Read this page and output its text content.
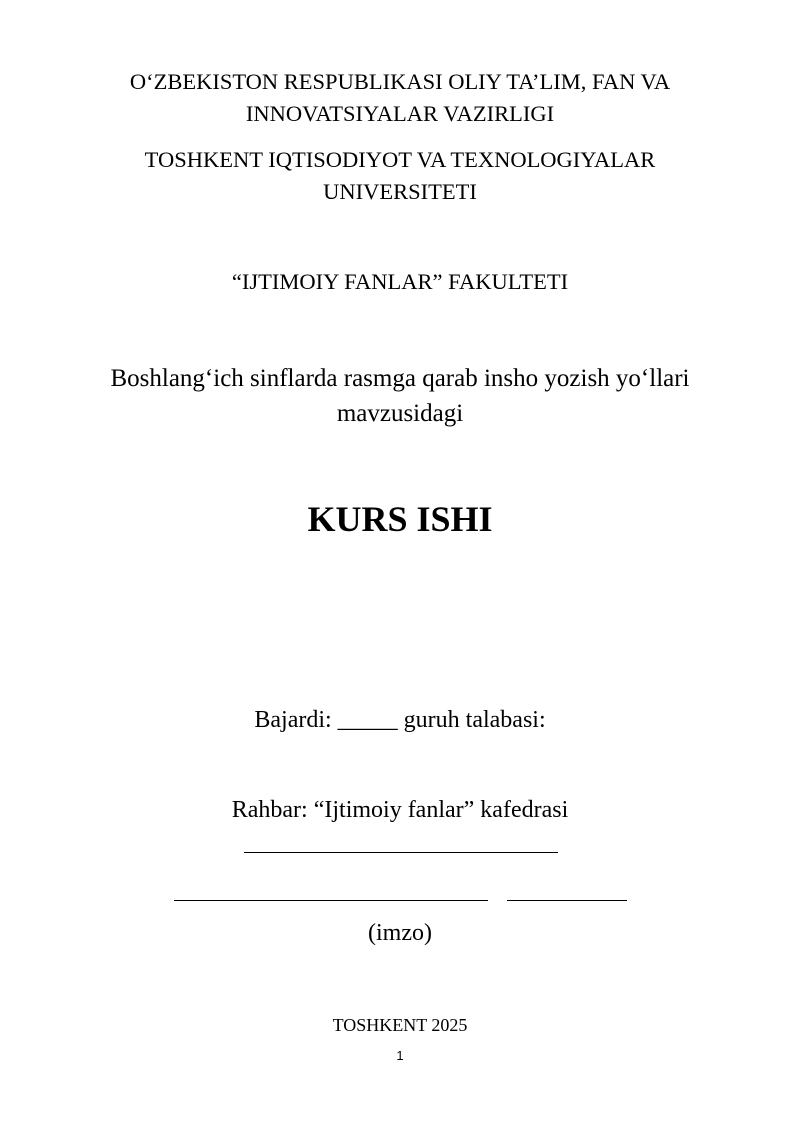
O‘ZBEKISTON RESPUBLIKASI OLIY TA’LIM, FAN VA
INNOVATSIYALAR VAZIRLIGI
TOSHKENT IQTISODIYOT VA TEXNOLOGIYALAR
UNIVERSITETI
“IJTIMOIY FANLAR” FAKULTETI
Boshlang‘ich sinflarda rasmga qarab insho yozish yo‘llari
mavzusidagi
KURS ISHI
Bajardi: _____ guruh talabasi:
Rahbar: “Ijtimoiy fanlar” kafedrasi
(imzo)
TOSHKENT 2025
1
